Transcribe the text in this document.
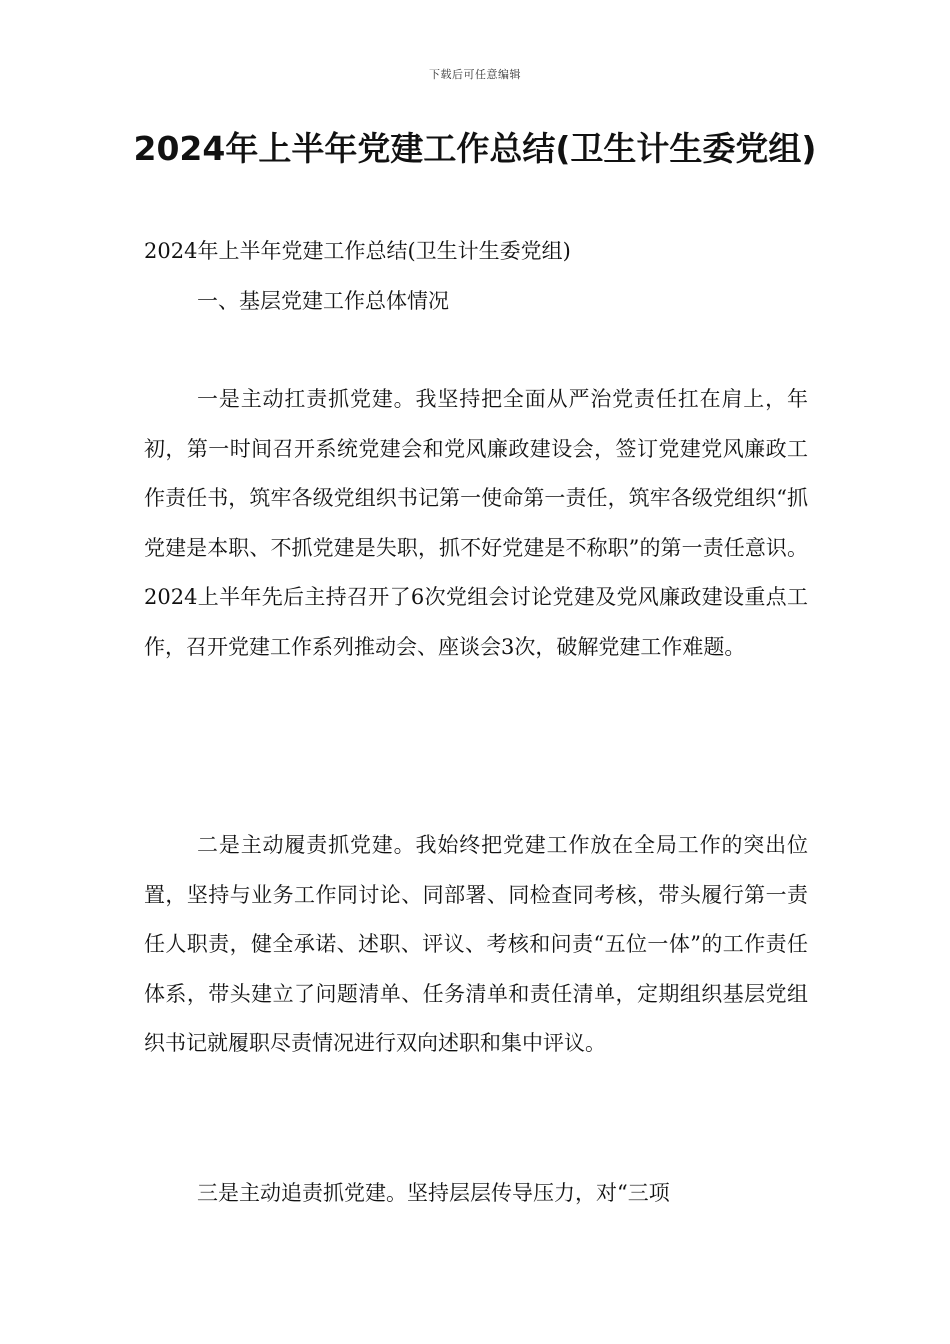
下载后可任意编辑
2024年上半年党建工作总结(卫生计生委党组)
2024年上半年党建工作总结(卫生计生委党组)
一、基层党建工作总体情况

一是主动扛责抓党建。我坚持把全面从严治党责任扛在肩上，年初，第一时间召开系统党建会和党风廉政建设会，签订党建党风廉政工作责任书，筑牢各级党组织书记第一使命第一责任，筑牢各级党组织“抓党建是本职、不抓党建是失职，抓不好党建是不称职”的第一责任意识。2024上半年先后主持召开了6次党组会讨论党建及党风廉政建设重点工作，召开党建工作系列推动会、座谈会3次，破解党建工作难题。

二是主动履责抓党建。我始终把党建工作放在全局工作的突出位置，坚持与业务工作同讨论、同部署、同检查同考核，带头履行第一责任人职责，健全承诺、述职、评议、考核和问责“五位一体”的工作责任体系，带头建立了问题清单、任务清单和责任清单，定期组织基层党组织书记就履职尽责情况进行双向述职和集中评议。

三是主动追责抓党建。坚持层层传导压力，对“三项
